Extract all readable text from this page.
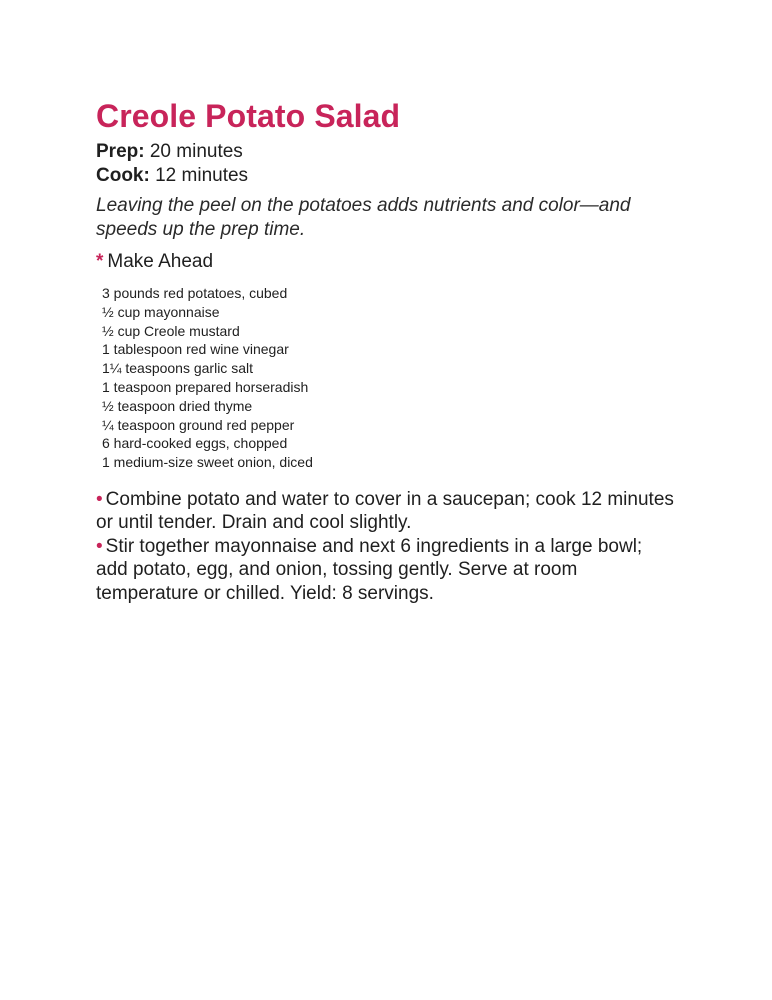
Creole Potato Salad
Prep: 20 minutes
Cook: 12 minutes
Leaving the peel on the potatoes adds nutrients and color—and speeds up the prep time.
* Make Ahead
3 pounds red potatoes, cubed
½ cup mayonnaise
½ cup Creole mustard
1 tablespoon red wine vinegar
1¼ teaspoons garlic salt
1 teaspoon prepared horseradish
½ teaspoon dried thyme
¼ teaspoon ground red pepper
6 hard-cooked eggs, chopped
1 medium-size sweet onion, diced

• Combine potato and water to cover in a saucepan; cook 12 minutes or until tender. Drain and cool slightly.

• Stir together mayonnaise and next 6 ingredients in a large bowl; add potato, egg, and onion, tossing gently. Serve at room temperature or chilled. Yield: 8 servings.
